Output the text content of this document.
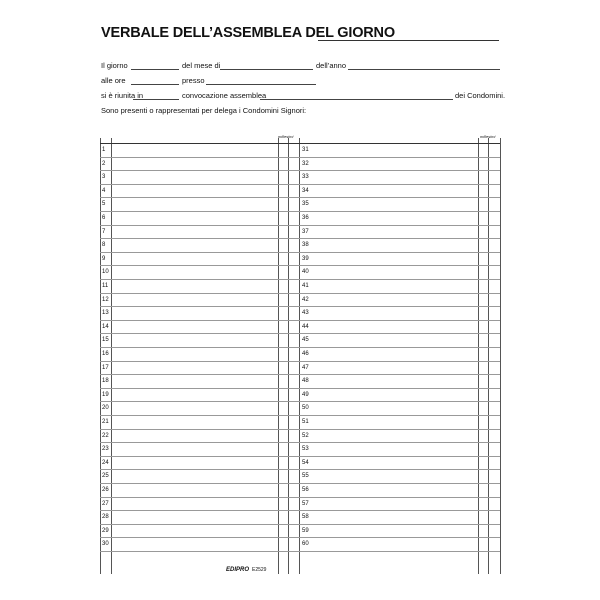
VERBALE DELL’ASSEMBLEA DEL GIORNO
Il giorno	del mese di	dell’anno
alle ore	presso
si è riunita in	convocazione assemblea	dei Condomini.
Sono presenti o rappresentati per delega i Condomini Signori:
millesimi	millesimi
1
2
3
4
5
6
7
8
9
10
11
12
13
14
15
16
17
18
19
20
21
22
23
24
25
26
27
28
29
30
31
32
33
34
35
36
37
38
39
40
41
42
43
44
45
46
47
48
49
50
51
52
53
54
55
56
57
58
59
60
EDIPRO E2529
